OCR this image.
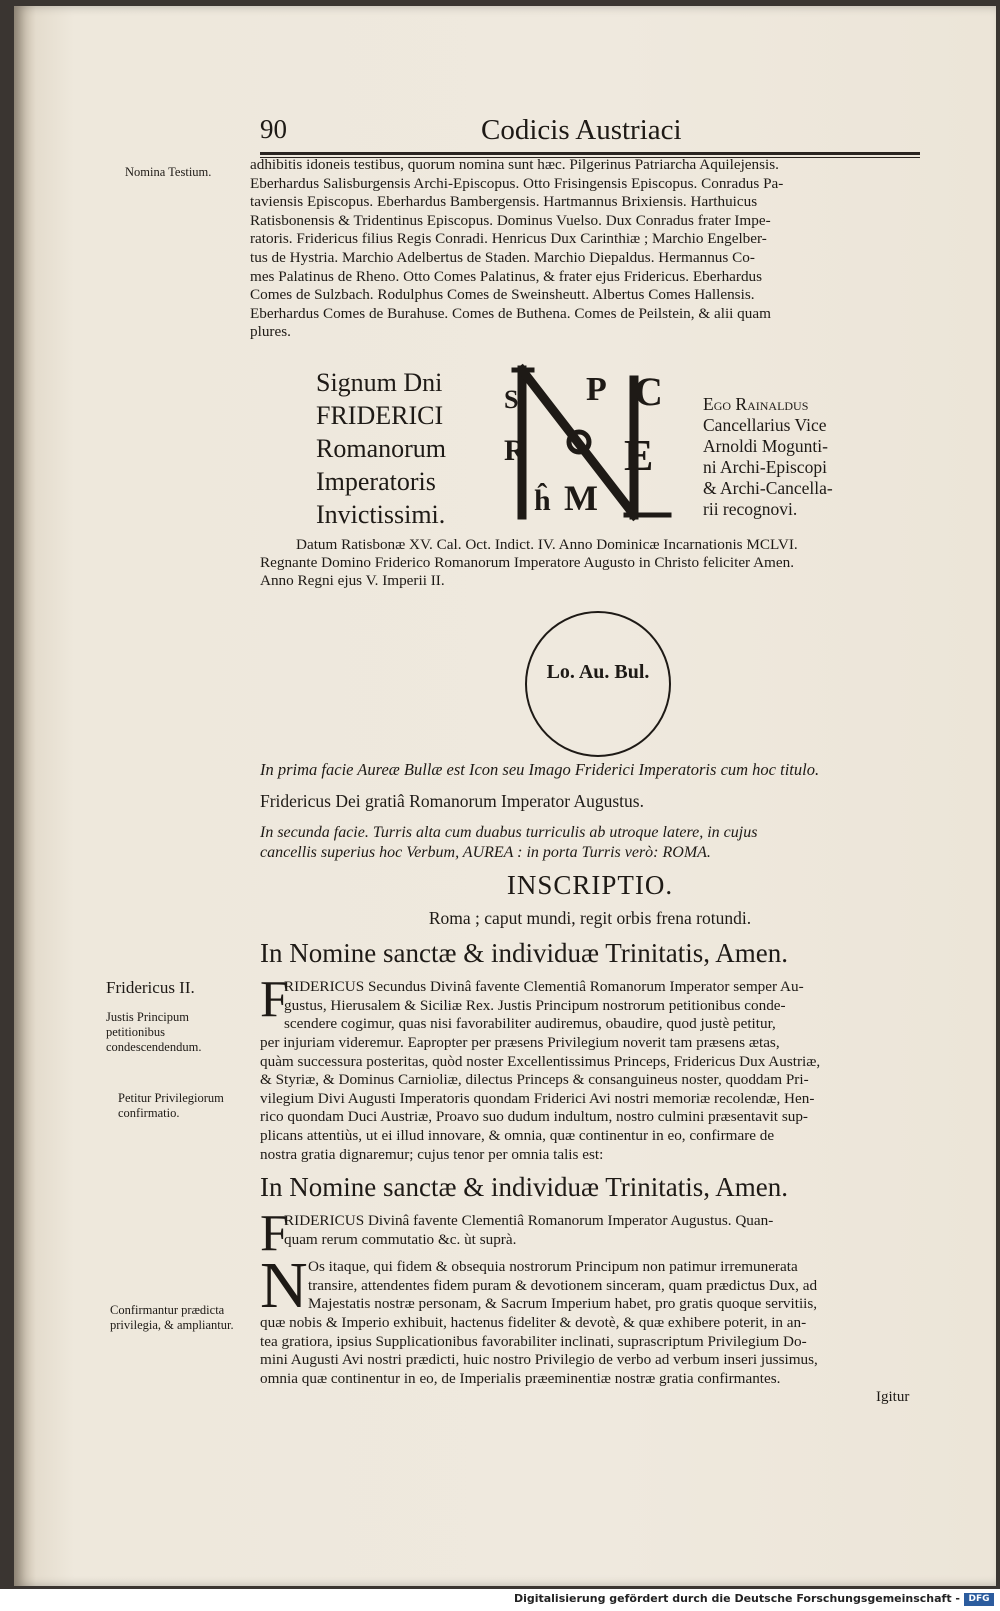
90	Codicis Austriaci
Nomina Testium.
Fridericus II.
Justis Principum petitionibus condescendendum.
Petitur Privilegiorum confirmatio.
Confirmantur prædicta privilegia, & ampliantur.
adhibitis idoneis testibus, quorum nomina sunt hæc. Pilgerinus Patriarcha Aquilejensis.
Eberhardus Salisburgensis Archi-Episcopus. Otto Frisingensis Episcopus. Conradus Pa-
taviensis Episcopus. Eberhardus Bambergensis. Hartmannus Brixiensis. Harthuicus
Ratisbonensis & Tridentinus Episcopus. Dominus Vuelso. Dux Conradus frater Impe-
ratoris. Fridericus filius Regis Conradi. Henricus Dux Carinthiæ ; Marchio Engelber-
tus de Hystria. Marchio Adelbertus de Staden. Marchio Diepaldus. Hermannus Co-
mes Palatinus de Rheno. Otto Comes Palatinus, & frater ejus Fridericus. Eberhardus
Comes de Sulzbach. Rodulphus Comes de Sweinsheutt. Albertus Comes Hallensis.
Eberhardus Comes de Burahuse. Comes de Buthena. Comes de Peilstein, & alii quam
plures.
Signum Dni
FRIDERICI
Romanorum
Imperatoris
Invictissimi.
P
S
R
C
E
M
ĥ
Ego Rainaldus
Cancellarius Vice
Arnoldi Mogunti-
ni Archi-Episcopi
& Archi-Cancella-
rii recognovi.
Datum Ratisbonæ XV. Cal. Oct. Indict. IV. Anno Dominicæ Incarnationis MCLVI.
Regnante Domino Friderico Romanorum Imperatore Augusto in Christo feliciter Amen.
Anno Regni ejus V. Imperii II.
Lo. Au. Bul.
In prima facie Aureæ Bullæ est Icon seu Imago Friderici Imperatoris cum hoc titulo.
Fridericus Dei gratiâ Romanorum Imperator Augustus.
In secunda facie. Turris alta cum duabus turriculis ab utroque latere, in cujus
cancellis superius hoc Verbum, AUREA : in porta Turris verò: ROMA.
INSCRIPTIO.
Roma ; caput mundi, regit orbis frena rotundi.
In Nomine sanctæ & individuæ Trinitatis, Amen.
F
RIDERICUS Secundus Divinâ favente Clementiâ Romanorum Imperator semper Au-
gustus, Hierusalem & Siciliæ Rex. Justis Principum nostrorum petitionibus conde-
scendere cogimur, quas nisi favorabiliter audiremus, obaudire, quod justè petitur,
per injuriam videremur. Eapropter per præsens Privilegium noverit tam præsens ætas,
quàm successura posteritas, quòd noster Excellentissimus Princeps, Fridericus Dux Austriæ,
& Styriæ, & Dominus Carnioliæ, dilectus Princeps & consanguineus noster, quoddam Pri-
vilegium Divi Augusti Imperatoris quondam Friderici Avi nostri memoriæ recolendæ, Hen-
rico quondam Duci Austriæ, Proavo suo dudum indultum, nostro culmini præsentavit sup-
plicans attentiùs, ut ei illud innovare, & omnia, quæ continentur in eo, confirmare de
nostra gratia dignaremur; cujus tenor per omnia talis est:
In Nomine sanctæ & individuæ Trinitatis, Amen.
F
RIDERICUS Divinâ favente Clementiâ Romanorum Imperator Augustus. Quan-
quam rerum commutatio &c. ùt suprà.
N Os itaque, qui fidem & obsequia nostrorum Principum non patimur irremunerata
transire, attendentes fidem puram & devotionem sinceram, quam prædictus Dux, ad
Majestatis nostræ personam, & Sacrum Imperium habet, pro gratis quoque servitiis,
quæ nobis & Imperio exhibuit, hactenus fideliter & devotè, & quæ exhibere poterit, in an-
tea gratiora, ipsius Supplicationibus favorabiliter inclinati, suprascriptum Privilegium Do-
mini Augusti Avi nostri prædicti, huic nostro Privilegio de verbo ad verbum inseri jussimus,
omnia quæ continentur in eo, de Imperialis præeminentiæ nostræ gratia confirmantes.
Igitur
Digitalisierung gefördert durch die Deutsche Forschungsgemeinschaft - DFG
